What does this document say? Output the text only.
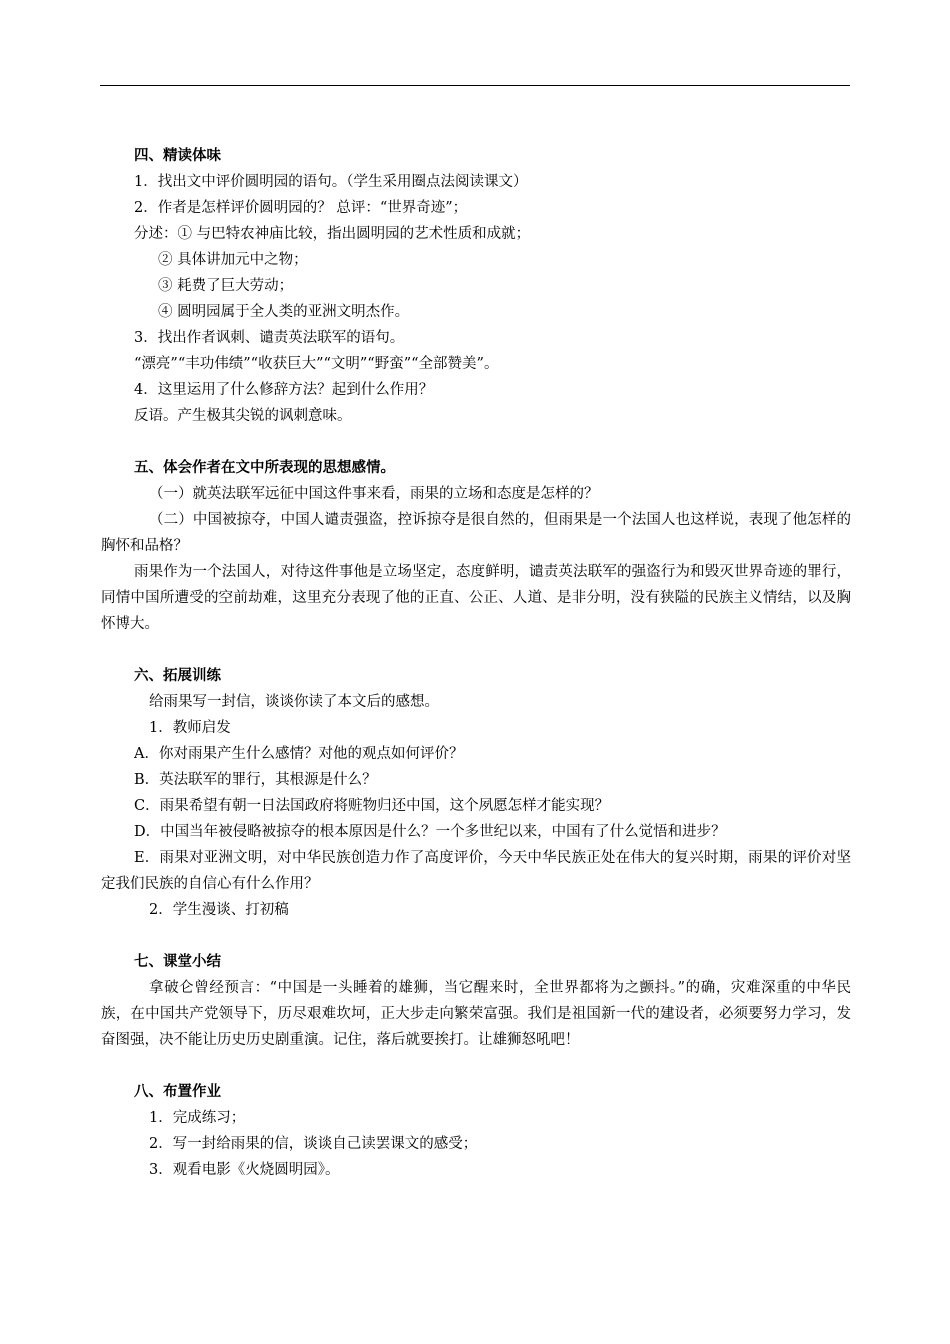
四、精读体味
1．找出文中评价圆明园的语句。（学生采用圈点法阅读课文）
2．作者是怎样评价圆明园的？ 总评：“世界奇迹”；
分述：① 与巴特农神庙比较，指出圆明园的艺术性质和成就；
② 具体讲加元中之物；
③ 耗费了巨大劳动；
④ 圆明园属于全人类的亚洲文明杰作。
3．找出作者讽刺、谴责英法联军的语句。
“漂亮”“丰功伟绩”“收获巨大”“文明”“野蛮”“全部赞美”。
4．这里运用了什么修辞方法？起到什么作用？
反语。产生极其尖锐的讽刺意味。
五、体会作者在文中所表现的思想感情。
（一）就英法联军远征中国这件事来看，雨果的立场和态度是怎样的？
（二）中国被掠夺，中国人谴责强盗，控诉掠夺是很自然的，但雨果是一个法国人也这样说，表现了他怎样的胸怀和品格？
雨果作为一个法国人，对待这件事他是立场坚定，态度鲜明，谴责英法联军的强盗行为和毁灭世界奇迹的罪行，同情中国所遭受的空前劫难，这里充分表现了他的正直、公正、人道、是非分明，没有狭隘的民族主义情结，以及胸怀博大。
六、拓展训练
给雨果写一封信，谈谈你读了本文后的感想。
1．教师启发
A．你对雨果产生什么感情？对他的观点如何评价？
B．英法联军的罪行，其根源是什么？
C．雨果希望有朝一日法国政府将赃物归还中国，这个夙愿怎样才能实现？
D．中国当年被侵略被掠夺的根本原因是什么？一个多世纪以来，中国有了什么觉悟和进步？
E．雨果对亚洲文明，对中华民族创造力作了高度评价，今天中华民族正处在伟大的复兴时期，雨果的评价对坚定我们民族的自信心有什么作用？
2．学生漫谈、打初稿
七、课堂小结
拿破仑曾经预言：“中国是一头睡着的雄狮，当它醒来时，全世界都将为之颤抖。”的确，灾难深重的中华民族，在中国共产党领导下，历尽艰难坎坷，正大步走向繁荣富强。我们是祖国新一代的建设者，必须要努力学习，发奋图强，决不能让历史历史剧重演。记住，落后就要挨打。让雄狮怒吼吧！
八、布置作业
1．完成练习；
2．写一封给雨果的信，谈谈自己读罢课文的感受；
3．观看电影《火烧圆明园》。
